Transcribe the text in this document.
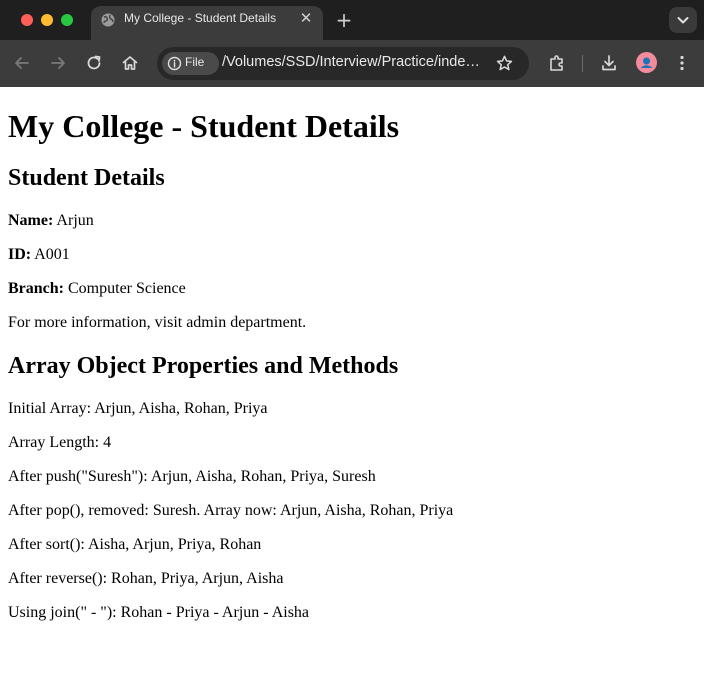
My College - Student Details	✕ +
File /Volumes/SSD/Interview/Practice/inde…
My College - Student Details
Student Details

Name: Arjun

ID: A001

Branch: Computer Science

For more information, visit admin department.

Array Object Properties and Methods

Initial Array: Arjun, Aisha, Rohan, Priya

Array Length: 4

After push("Suresh"): Arjun, Aisha, Rohan, Priya, Suresh

After pop(), removed: Suresh. Array now: Arjun, Aisha, Rohan, Priya

After sort(): Aisha, Arjun, Priya, Rohan

After reverse(): Rohan, Priya, Arjun, Aisha

Using join(" - "): Rohan - Priya - Arjun - Aisha
